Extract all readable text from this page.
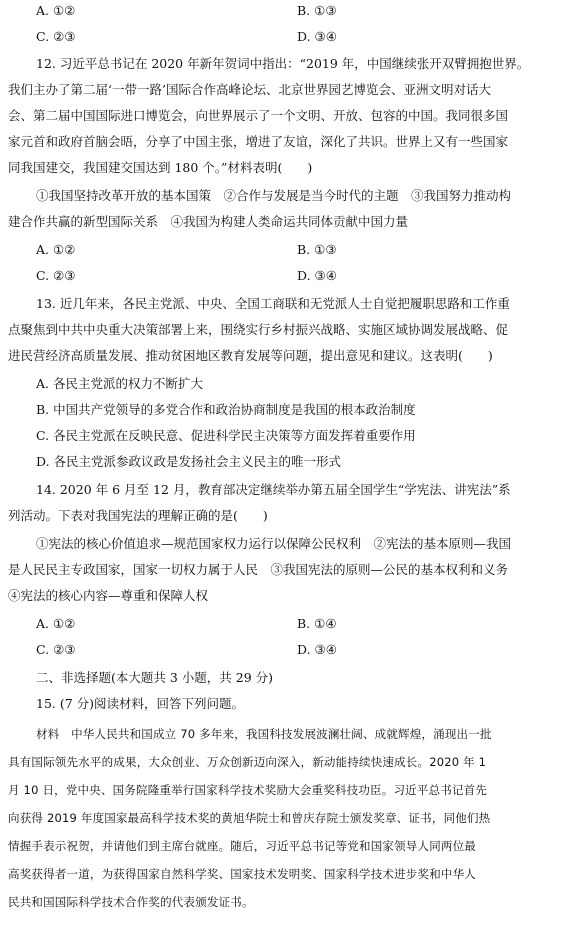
A. ①②	B. ①③
C. ②③	D. ③④
12. 习近平总书记在 2020 年新年贺词中指出：“2019 年，中国继续张开双臂拥抱世界。
我们主办了第二届‘一带一路’国际合作高峰论坛、北京世界园艺博览会、亚洲文明对话大
会、第二届中国国际进口博览会，向世界展示了一个文明、开放、包容的中国。我同很多国
家元首和政府首脑会晤，分享了中国主张，增进了友谊，深化了共识。世界上又有一些国家
同我国建交，我国建交国达到 180 个。”材料表明(　　)
①我国坚持改革开放的基本国策　②合作与发展是当今时代的主题　③我国努力推动构
建合作共赢的新型国际关系　④我国为构建人类命运共同体贡献中国力量
A. ①②	B. ①③
C. ②③	D. ③④
13. 近几年来，各民主党派、中央、全国工商联和无党派人士自觉把履职思路和工作重
点聚焦到中共中央重大决策部署上来，围绕实行乡村振兴战略、实施区域协调发展战略、促
进民营经济高质量发展、推动贫困地区教育发展等问题，提出意见和建议。这表明(　　)
A. 各民主党派的权力不断扩大
B. 中国共产党领导的多党合作和政治协商制度是我国的根本政治制度
C. 各民主党派在反映民意、促进科学民主决策等方面发挥着重要作用
D. 各民主党派参政议政是发扬社会主义民主的唯一形式
14. 2020 年 6 月至 12 月，教育部决定继续举办第五届全国学生“学宪法、讲宪法”系
列活动。下表对我国宪法的理解正确的是(　　)
①宪法的核心价值追求—规范国家权力运行以保障公民权利　②宪法的基本原则—我国
是人民民主专政国家，国家一切权力属于人民　③我国宪法的原则—公民的基本权利和义务
④宪法的核心内容—尊重和保障人权
A. ①②	B. ①④
C. ②③	D. ③④
二、非选择题(本大题共 3 小题，共 29 分)
15. (7 分)阅读材料，回答下列问题。
材料　中华人民共和国成立 70 多年来，我国科技发展波澜壮阔、成就辉煌，涌现出一批
具有国际领先水平的成果，大众创业、万众创新迈向深入，新动能持续快速成长。2020 年 1
月 10 日，党中央、国务院隆重举行国家科学技术奖励大会重奖科技功臣。习近平总书记首先
向获得 2019 年度国家最高科学技术奖的黄旭华院士和曾庆存院士颁发奖章、证书，同他们热
情握手表示祝贺，并请他们到主席台就座。随后，习近平总书记等党和国家领导人同两位最
高奖获得者一道，为获得国家自然科学奖、国家技术发明奖、国家科学技术进步奖和中华人
民共和国国际科学技术合作奖的代表颁发证书。
